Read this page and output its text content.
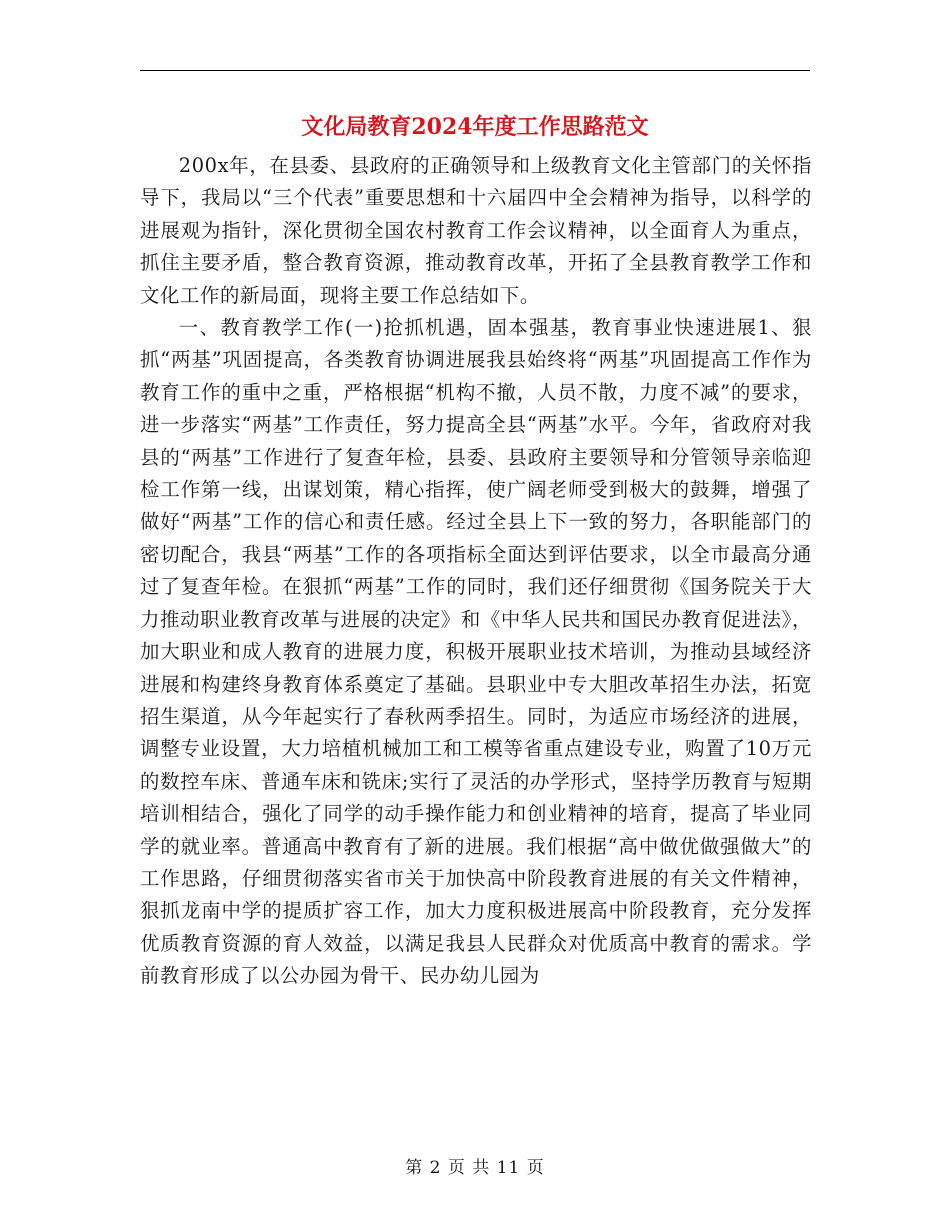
文化局教育2024年度工作思路范文

200x年，在县委、县政府的正确领导和上级教育文化主管部门的关怀指导下，我局以“三个代表”重要思想和十六届四中全会精神为指导，以科学的进展观为指针，深化贯彻全国农村教育工作会议精神，以全面育人为重点，抓住主要矛盾，整合教育资源，推动教育改革，开拓了全县教育教学工作和文化工作的新局面，现将主要工作总结如下。

一、教育教学工作(一)抢抓机遇，固本强基，教育事业快速进展1、狠抓“两基”巩固提高，各类教育协调进展我县始终将“两基”巩固提高工作作为教育工作的重中之重，严格根据“机构不撤，人员不散，力度不减”的要求，进一步落实“两基”工作责任，努力提高全县“两基”水平。今年，省政府对我县的“两基”工作进行了复查年检，县委、县政府主要领导和分管领导亲临迎检工作第一线，出谋划策，精心指挥，使广阔老师受到极大的鼓舞，增强了做好“两基”工作的信心和责任感。经过全县上下一致的努力，各职能部门的密切配合，我县“两基”工作的各项指标全面达到评估要求，以全市最高分通过了复查年检。在狠抓“两基”工作的同时，我们还仔细贯彻《国务院关于大力推动职业教育改革与进展的决定》和《中华人民共和国民办教育促进法》，加大职业和成人教育的进展力度，积极开展职业技术培训，为推动县域经济进展和构建终身教育体系奠定了基础。县职业中专大胆改革招生办法，拓宽招生渠道，从今年起实行了春秋两季招生。同时，为适应市场经济的进展，调整专业设置，大力培植机械加工和工模等省重点建设专业，购置了10万元的数控车床、普通车床和铣床;实行了灵活的办学形式，坚持学历教育与短期培训相结合，强化了同学的动手操作能力和创业精神的培育，提高了毕业同学的就业率。普通高中教育有了新的进展。我们根据“高中做优做强做大”的工作思路，仔细贯彻落实省市关于加快高中阶段教育进展的有关文件精神，狠抓龙南中学的提质扩容工作，加大力度积极进展高中阶段教育，充分发挥优质教育资源的育人效益，以满足我县人民群众对优质高中教育的需求。学前教育形成了以公办园为骨干、民办幼儿园为

第 2 页 共 11 页
